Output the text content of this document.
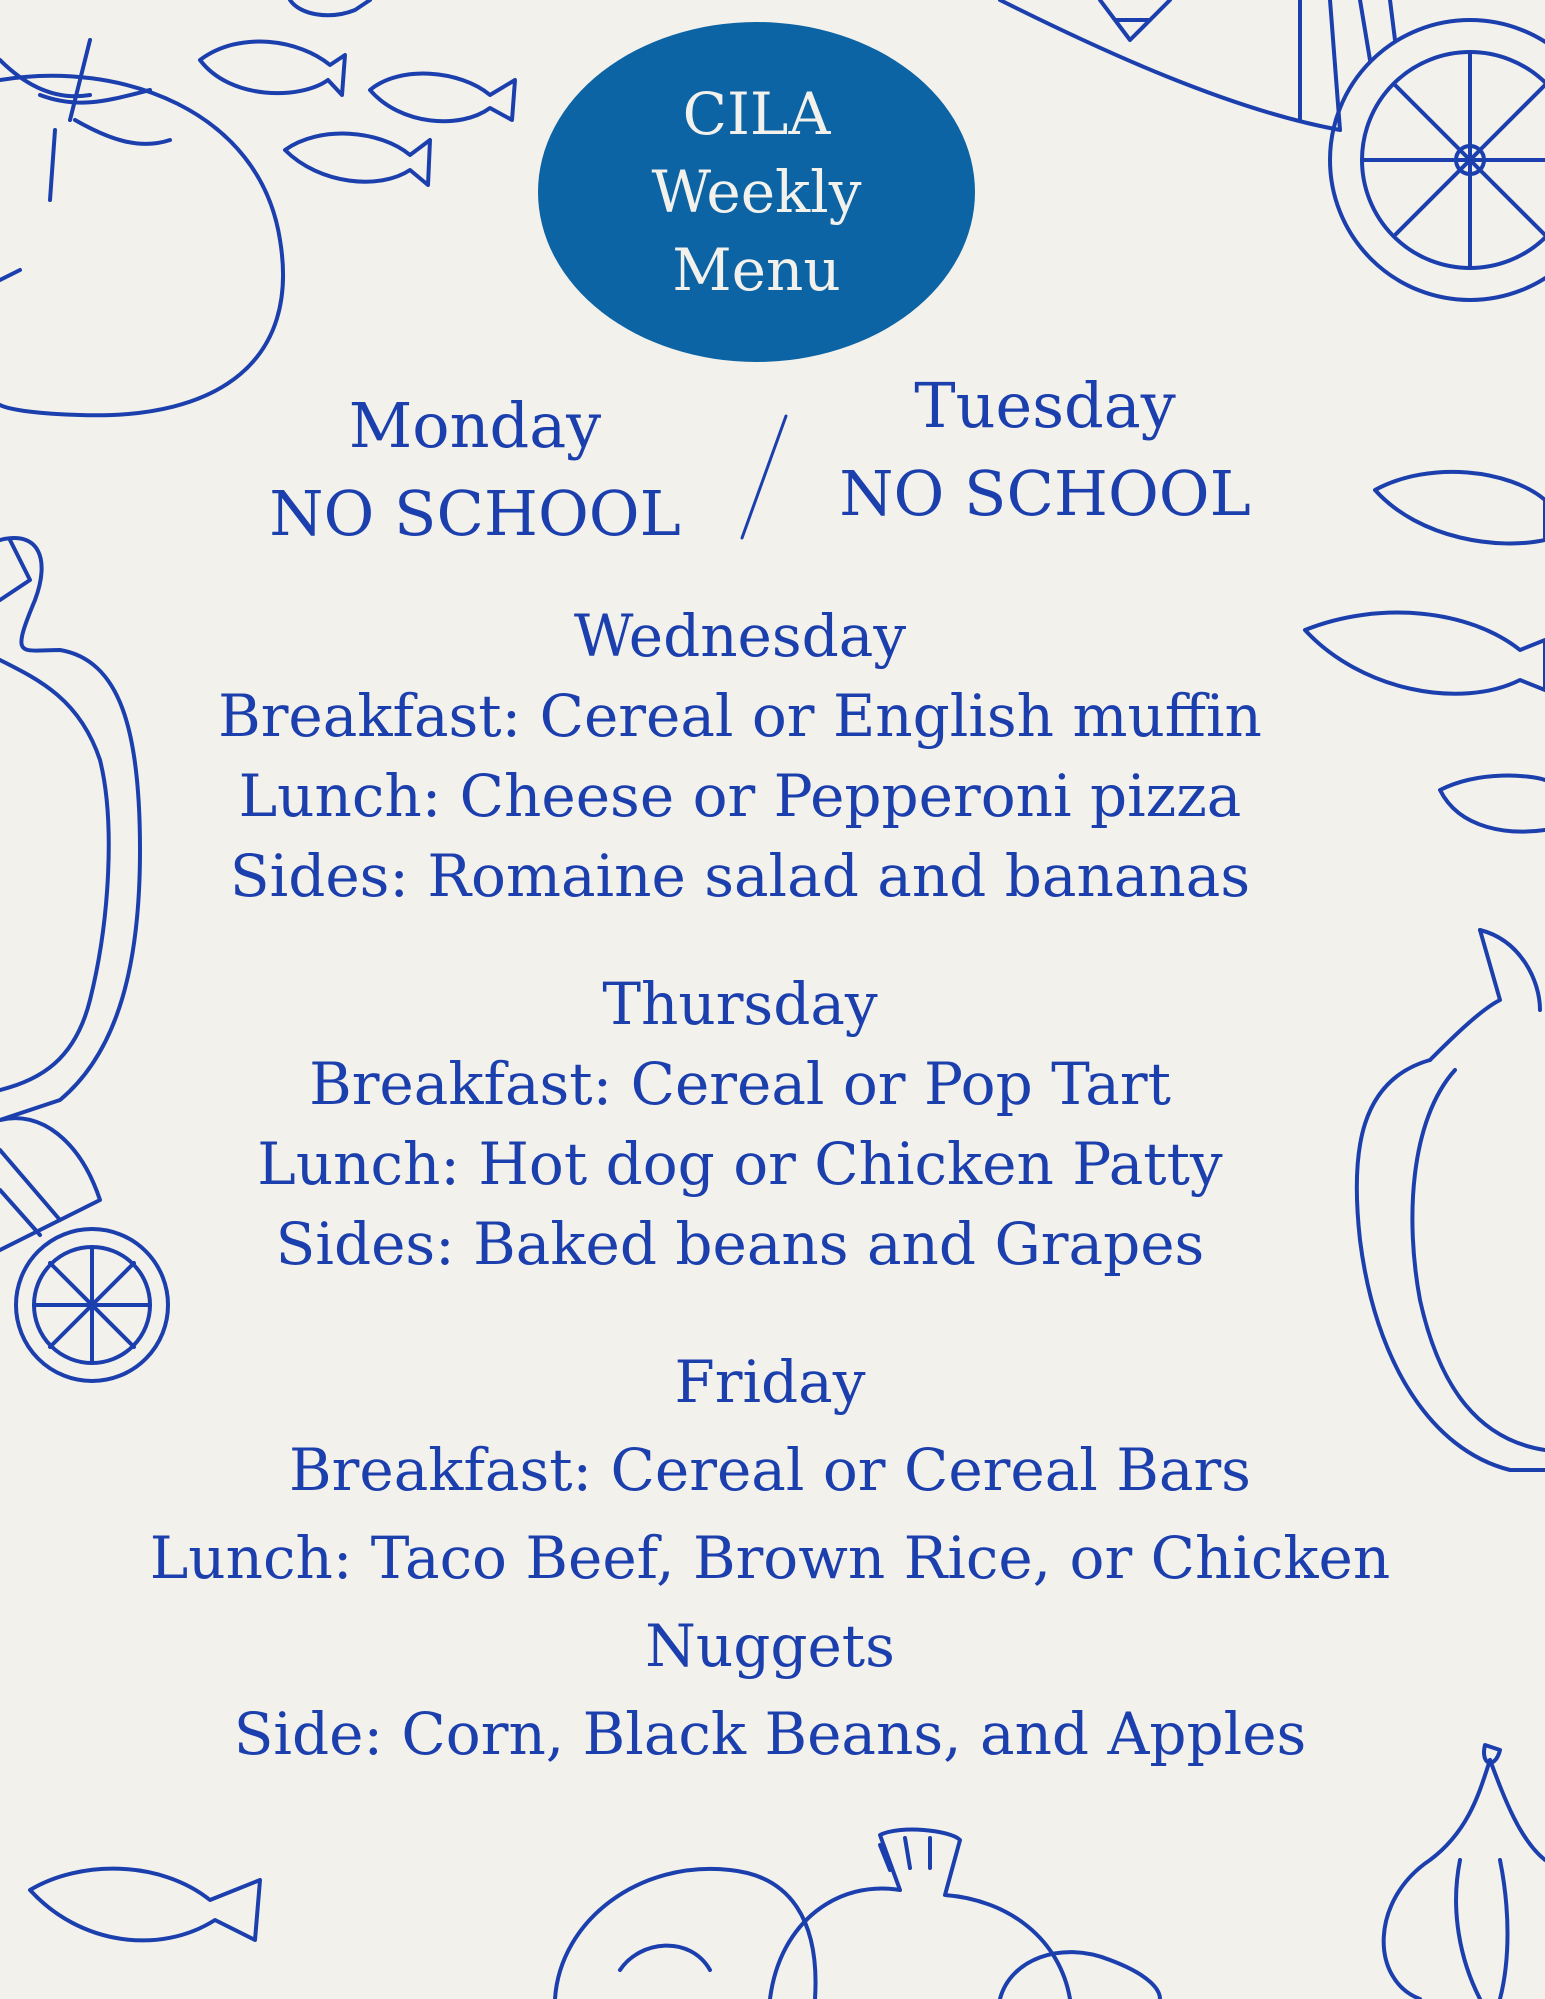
CILA
Weekly
Menu
Monday
NO SCHOOL
Tuesday
NO SCHOOL
Wednesday
Breakfast: Cereal or English muffin
Lunch: Cheese or Pepperoni pizza
Sides: Romaine salad and bananas
Thursday
Breakfast: Cereal or Pop Tart
Lunch: Hot dog or Chicken Patty
Sides: Baked beans and Grapes
Friday
Breakfast: Cereal or Cereal Bars
Lunch: Taco Beef, Brown Rice, or Chicken
Nuggets
Side: Corn, Black Beans, and Apples
